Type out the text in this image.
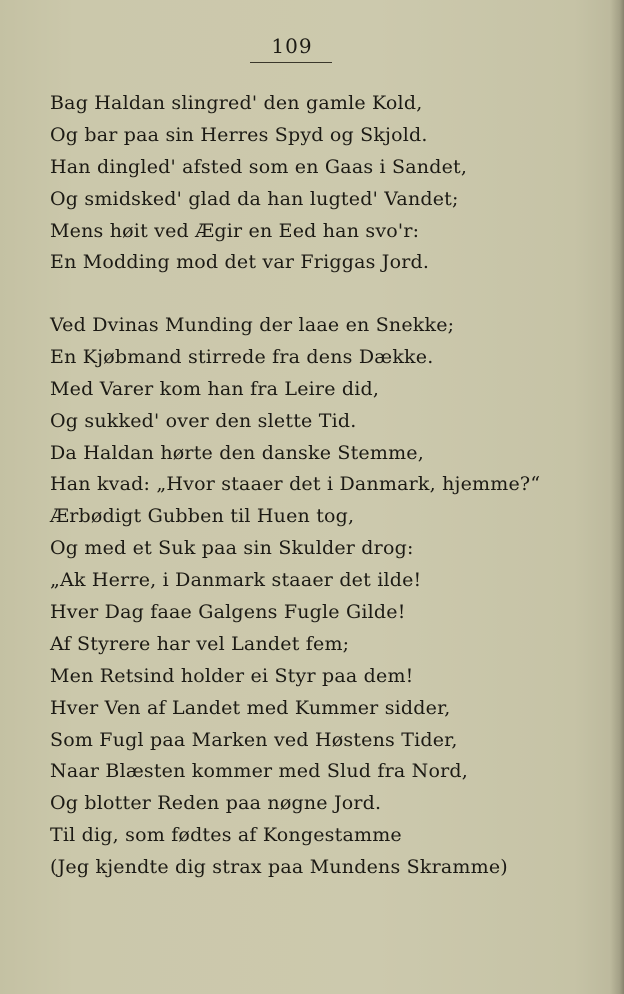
109
Bag Haldan slingred' den gamle Kold,
Og bar paa sin Herres Spyd og Skjold.
Han dingled' afsted som en Gaas i Sandet,
Og smidsked' glad da han lugted' Vandet;
Mens høit ved Ægir en Eed han svo'r:
En Modding mod det var Friggas Jord.
Ved Dvinas Munding der laae en Snekke;
En Kjøbmand stirrede fra dens Dække.
Med Varer kom han fra Leire did,
Og sukked' over den slette Tid.
Da Haldan hørte den danske Stemme,
Han kvad: „Hvor staaer det i Danmark, hjemme?“
Ærbødigt Gubben til Huen tog,
Og med et Suk paa sin Skulder drog:
„Ak Herre, i Danmark staaer det ilde!
Hver Dag faae Galgens Fugle Gilde!
Af Styrere har vel Landet fem;
Men Retsind holder ei Styr paa dem!
Hver Ven af Landet med Kummer sidder,
Som Fugl paa Marken ved Høstens Tider,
Naar Blæsten kommer med Slud fra Nord,
Og blotter Reden paa nøgne Jord.
Til dig, som fødtes af Kongestamme
(Jeg kjendte dig strax paa Mundens Skramme)
